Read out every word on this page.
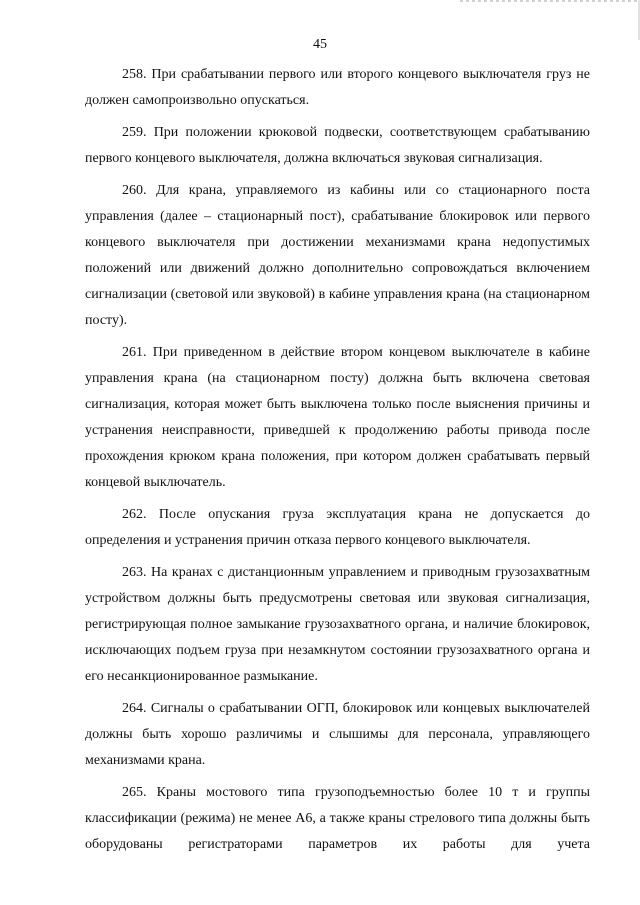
45

258. При срабатывании первого или второго концевого выключателя груз не должен самопроизвольно опускаться.

259. При положении крюковой подвески, соответствующем срабатыванию первого концевого выключателя, должна включаться звуковая сигнализация.

260. Для крана, управляемого из кабины или со стационарного поста управления (далее – стационарный пост), срабатывание блокировок или первого концевого выключателя при достижении механизмами крана недопустимых положений или движений должно дополнительно сопровождаться включением сигнализации (световой или звуковой) в кабине управления крана (на стационарном посту).

261. При приведенном в действие втором концевом выключателе в кабине управления крана (на стационарном посту) должна быть включена световая сигнализация, которая может быть выключена только после выяснения причины и устранения неисправности, приведшей к продолжению работы привода после прохождения крюком крана положения, при котором должен срабатывать первый концевой выключатель.

262. После опускания груза эксплуатация крана не допускается до определения и устранения причин отказа первого концевого выключателя.

263. На кранах с дистанционным управлением и приводным грузозахватным устройством должны быть предусмотрены световая или звуковая сигнализация, регистрирующая полное замыкание грузозахватного органа, и наличие блокировок, исключающих подъем груза при незамкнутом состоянии грузозахватного органа и его несанкционированное размыкание.

264. Сигналы о срабатывании ОГП, блокировок или концевых выключателей должны быть хорошо различимы и слышимы для персонала, управляющего механизмами крана.

265. Краны мостового типа грузоподъемностью более 10 т и группы классификации (режима) не менее А6, а также краны стрелового типа должны быть оборудованы регистраторами параметров их работы для учета
